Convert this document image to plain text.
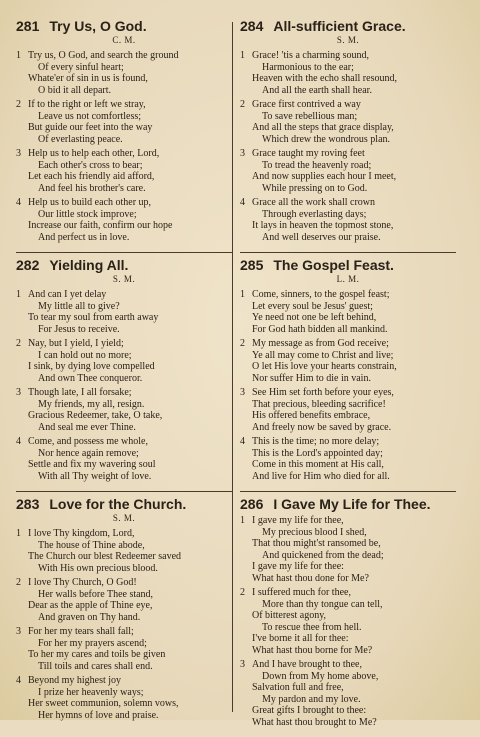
281 Try Us, O God.
C. M.
1 Try us, O God, and search the ground
Of every sinful heart;
Whate'er of sin in us is found,
O bid it all depart.
2 If to the right or left we stray,
Leave us not comfortless;
But guide our feet into the way
Of everlasting peace.
3 Help us to help each other, Lord,
Each other's cross to bear;
Let each his friendly aid afford,
And feel his brother's care.
4 Help us to build each other up,
Our little stock improve;
Increase our faith, confirm our hope
And perfect us in love.
282 Yielding All.
S. M.
1 And can I yet delay
My little all to give?
To tear my soul from earth away
For Jesus to receive.
2 Nay, but I yield, I yield;
I can hold out no more;
I sink, by dying love compelled
And own Thee conqueror.
3 Though late, I all forsake;
My friends, my all, resign.
Gracious Redeemer, take, O take,
And seal me ever Thine.
4 Come, and possess me whole,
Nor hence again remove;
Settle and fix my wavering soul
With all Thy weight of love.
283 Love for the Church.
S. M.
1 I love Thy kingdom, Lord,
The house of Thine abode,
The Church our blest Redeemer saved
With His own precious blood.
2 I love Thy Church, O God!
Her walls before Thee stand,
Dear as the apple of Thine eye,
And graven on Thy hand.
3 For her my tears shall fall;
For her my prayers ascend;
To her my cares and toils be given
Till toils and cares shall end.
4 Beyond my highest joy
I prize her heavenly ways;
Her sweet communion, solemn vows,
Her hymns of love and praise.
284 All-sufficient Grace.
S. M.
1 Grace! 'tis a charming sound,
Harmonious to the ear;
Heaven with the echo shall resound,
And all the earth shall hear.
2 Grace first contrived a way
To save rebellious man;
And all the steps that grace display,
Which drew the wondrous plan.
3 Grace taught my roving feet
To tread the heavenly road;
And now supplies each hour I meet,
While pressing on to God.
4 Grace all the work shall crown
Through everlasting days;
It lays in heaven the topmost stone,
And well deserves our praise.
285 The Gospel Feast.
L. M.
1 Come, sinners, to the gospel feast;
Let every soul be Jesus' guest;
Ye need not one be left behind,
For God hath bidden all mankind.
2 My message as from God receive;
Ye all may come to Christ and live;
O let His love your hearts constrain,
Nor suffer Him to die in vain.
3 See Him set forth before your eyes,
That precious, bleeding sacrifice!
His offered benefits embrace,
And freely now be saved by grace.
4 This is the time; no more delay;
This is the Lord's appointed day;
Come in this moment at His call,
And live for Him who died for all.
286 I Gave My Life for Thee.
1 I gave my life for thee,
My precious blood I shed,
That thou might'st ransomed be,
And quickened from the dead;
I gave my life for thee:
What hast thou done for Me?
2 I suffered much for thee,
More than thy tongue can tell,
Of bitterest agony,
To rescue thee from hell.
I've borne it all for thee:
What hast thou borne for Me?
3 And I have brought to thee,
Down from My home above,
Salvation full and free,
My pardon and my love.
Great gifts I brought to thee:
What hast thou brought to Me?
